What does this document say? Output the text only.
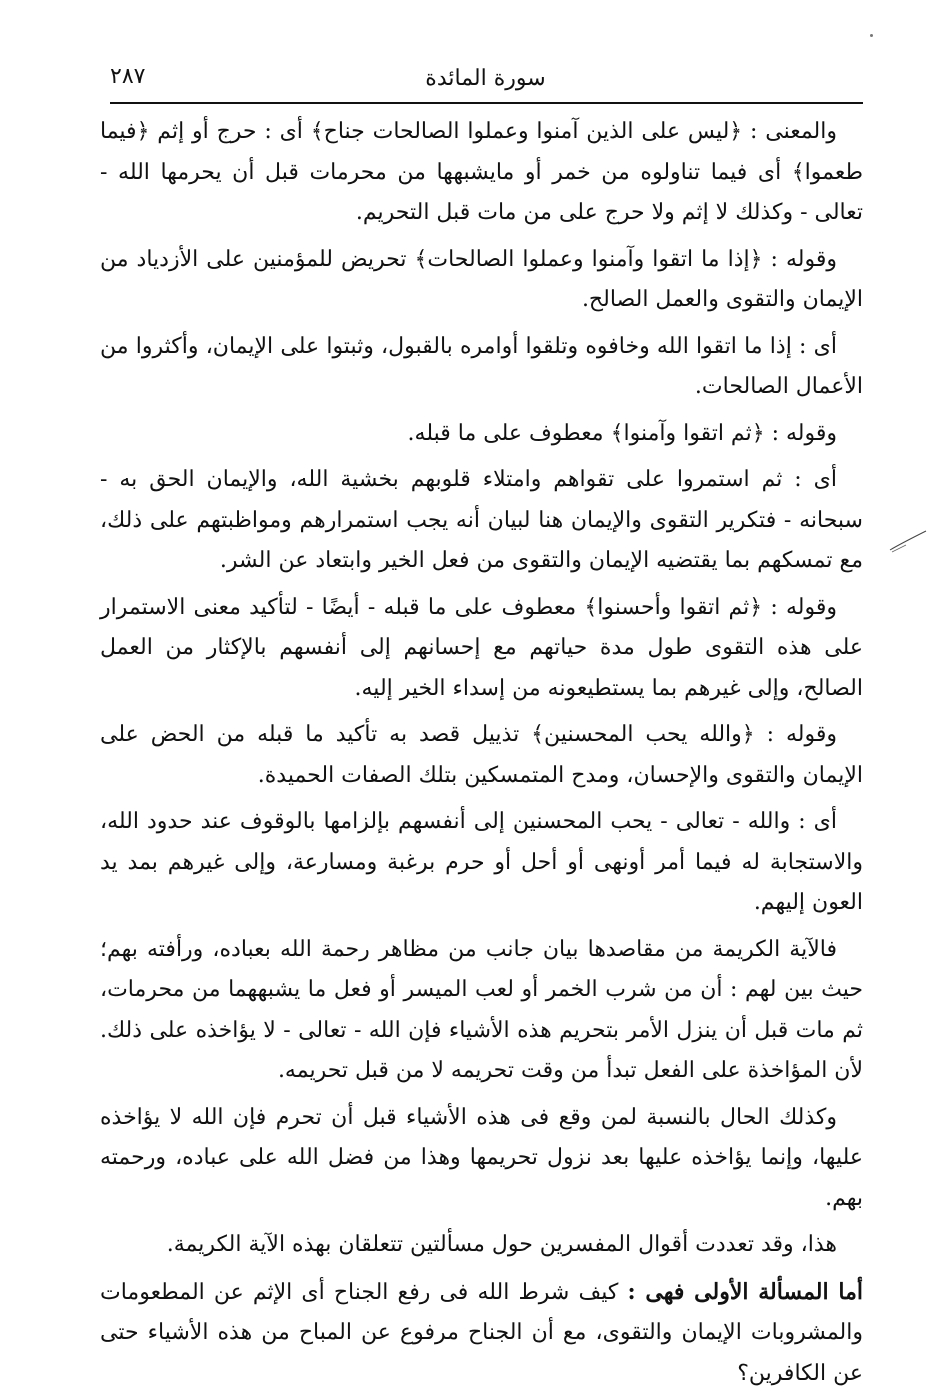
سورة المائدة
٢٨٧

والمعنى : ﴿ليس على الذين آمنوا وعملوا الصالحات جناح﴾ أى : حرج أو إثم ﴿فيما طعموا﴾ أى فيما تناولوه من خمر أو مايشبهها من محرمات قبل أن يحرمها الله - تعالى - وكذلك لا إثم ولا حرج على من مات قبل التحريم.

وقوله : ﴿إذا ما اتقوا وآمنوا وعملوا الصالحات﴾ تحريض للمؤمنين على الأزدياد من الإيمان والتقوى والعمل الصالح.

أى : إذا ما اتقوا الله وخافوه وتلقوا أوامره بالقبول، وثبتوا على الإيمان، وأكثروا من الأعمال الصالحات.

وقوله : ﴿ثم اتقوا وآمنوا﴾ معطوف على ما قبله.

أى : ثم استمروا على تقواهم وامتلاء قلوبهم بخشية الله، والإيمان الحق به - سبحانه - فتكرير التقوى والإيمان هنا لبيان أنه يجب استمرارهم ومواظبتهم على ذلك، مع تمسكهم بما يقتضيه الإيمان والتقوى من فعل الخير وابتعاد عن الشر.

وقوله : ﴿ثم اتقوا وأحسنوا﴾ معطوف على ما قبله - أيضًا - لتأكيد معنى الاستمرار على هذه التقوى طول مدة حياتهم مع إحسانهم إلى أنفسهم بالإكثار من العمل الصالح، وإلى غيرهم بما يستطيعونه من إسداء الخير إليه.

وقوله : ﴿والله يحب المحسنين﴾ تذييل قصد به تأكيد ما قبله من الحض على الإيمان والتقوى والإحسان، ومدح المتمسكين بتلك الصفات الحميدة.

أى : والله - تعالى - يحب المحسنين إلى أنفسهم بإلزامها بالوقوف عند حدود الله، والاستجابة له فيما أمر أونهى أو أحل أو حرم برغبة ومسارعة، وإلى غيرهم بمد يد العون إليهم.

فالآية الكريمة من مقاصدها بيان جانب من مظاهر رحمة الله بعباده، ورأفته بهم؛ حيث بين لهم : أن من شرب الخمر أو لعب الميسر أو فعل ما يشبههما من محرمات، ثم مات قبل أن ينزل الأمر بتحريم هذه الأشياء فإن الله - تعالى - لا يؤاخذه على ذلك. لأن المؤاخذة على الفعل تبدأ من وقت تحريمه لا من قبل تحريمه.

وكذلك الحال بالنسبة لمن وقع فى هذه الأشياء قبل أن تحرم فإن الله لا يؤاخذه عليها، وإنما يؤاخذه عليها بعد نزول تحريمها وهذا من فضل الله على عباده، ورحمته بهم.

هذا، وقد تعددت أقوال المفسرين حول مسألتين تتعلقان بهذه الآية الكريمة.

أما المسألة الأولى فهى : كيف شرط الله فى رفع الجناح أى الإثم عن المطعومات والمشروبات الإيمان والتقوى، مع أن الجناح مرفوع عن المباح من هذه الأشياء حتى عن الكافرين؟
